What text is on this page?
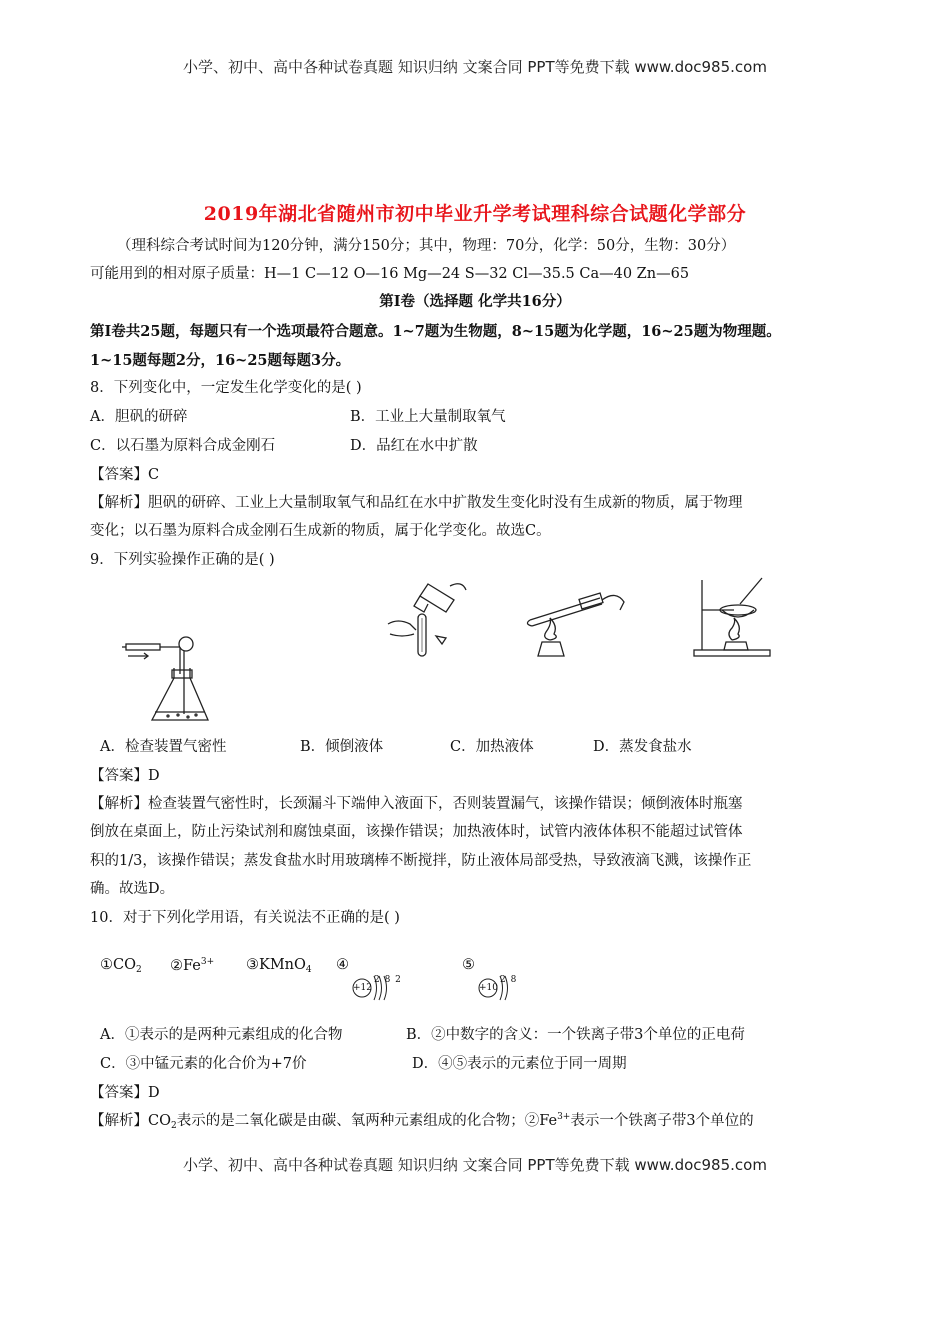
小学、初中、高中各种试卷真题 知识归纳 文案合同 PPT等免费下载 www.doc985.com
2019年湖北省随州市初中毕业升学考试理科综合试题化学部分
（理科综合考试时间为120分钟，满分150分；其中，物理：70分，化学：50分，生物：30分）
可能用到的相对原子质量：H—1 C—12 O—16 Mg—24 S—32 Cl—35.5 Ca—40 Zn—65
第Ⅰ卷（选择题 化学共16分）
第Ⅰ卷共25题，每题只有一个选项最符合题意。1~7题为生物题，8~15题为化学题，16~25题为物理题。
1~15题每题2分，16~25题每题3分。
8．下列变化中，一定发生化学变化的是( )
A．胆矾的研碎	B．工业上大量制取氧气
C．以石墨为原料合成金刚石	D．品红在水中扩散
【答案】C
【解析】胆矾的研碎、工业上大量制取氧气和品红在水中扩散发生变化时没有生成新的物质，属于物理
变化；以石墨为原料合成金刚石生成新的物质，属于化学变化。故选C。
9．下列实验操作正确的是( )
A．检查装置气密性	B．倾倒液体	C．加热液体	D．蒸发食盐水
【答案】D
【解析】检查装置气密性时，长颈漏斗下端伸入液面下，否则装置漏气，该操作错误；倾倒液体时瓶塞
倒放在桌面上，防止污染试剂和腐蚀桌面，该操作错误；加热液体时，试管内液体体积不能超过试管体
积的1/3，该操作错误；蒸发食盐水时用玻璃棒不断搅拌，防止液体局部受热，导致液滴飞溅，该操作正
确。故选D。
10．对于下列化学用语，有关说法不正确的是( )
$①CO_2$ $②Fe^{3+}$ ③KMnO$_4$ ④	⑤
+12
2 8 2
+10
2 8
A．①表示的是两种元素组成的化合物	B．②中数字的含义：一个铁离子带3个单位的正电荷
C．③中锰元素的化合价为+7价	D．④⑤表示的元素位于同一周期
【答案】D
【解析】$CO_2$表示的是二氧化碳是由碳、氧两种元素组成的化合物；$②Fe^{3+}$表示一个铁离子带3个单位的
小学、初中、高中各种试卷真题 知识归纳 文案合同 PPT等免费下载 www.doc985.com
